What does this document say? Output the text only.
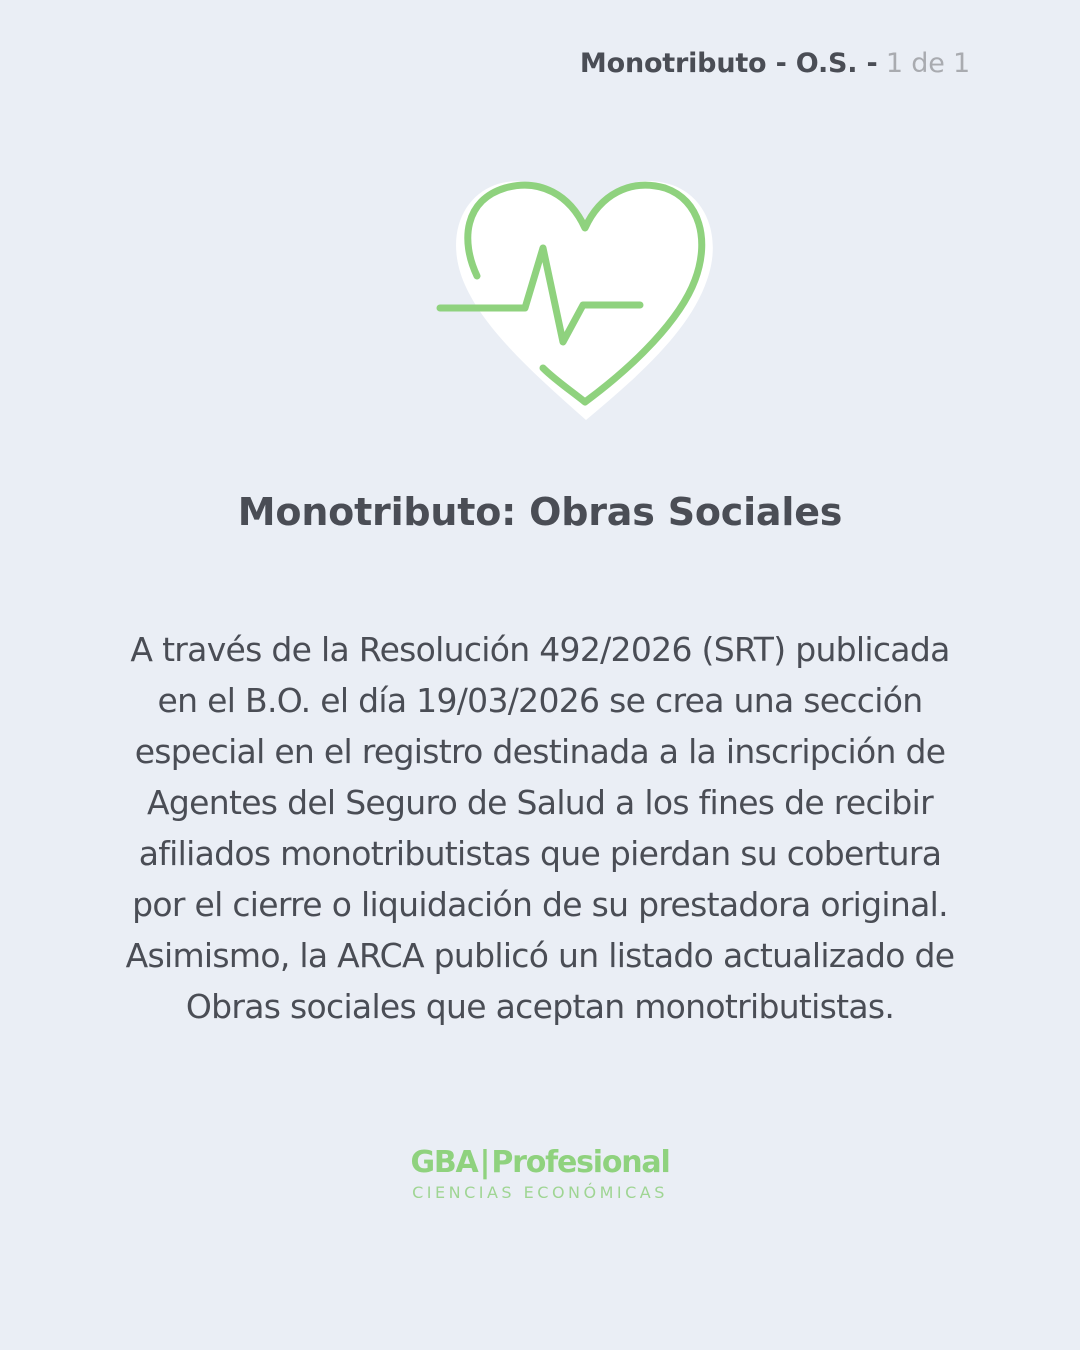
Monotributo - O.S. - 1 de 1
Monotributo: Obras Sociales
A través de la Resolución 492/2026 (SRT) publicada
en el B.O. el día 19/03/2026 se crea una sección
especial en el registro destinada a la inscripción de
Agentes del Seguro de Salud a los fines de recibir
afiliados monotributistas que pierdan su cobertura
por el cierre o liquidación de su prestadora original.
Asimismo, la ARCA publicó un listado actualizado de
Obras sociales que aceptan monotributistas.
GBA|Profesional
CIENCIAS ECONÓMICAS
